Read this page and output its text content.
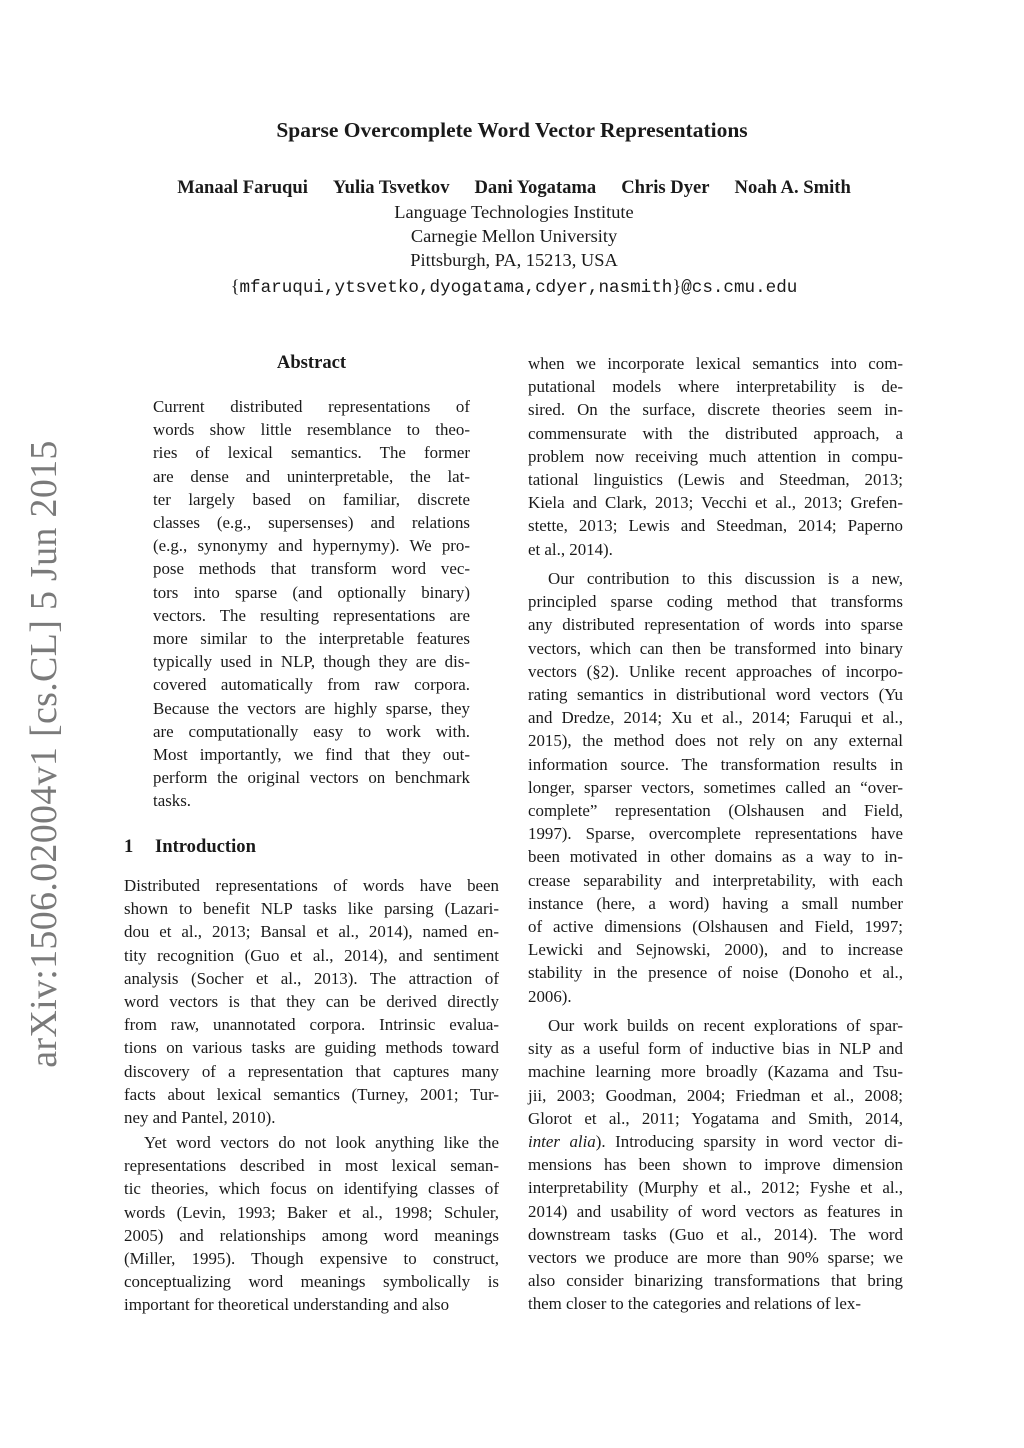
arXiv:1506.02004v1 [cs.CL] 5 Jun 2015
Sparse Overcomplete Word Vector Representations
Manaal Faruqui Yulia Tsvetkov Dani Yogatama Chris Dyer Noah A. Smith
Language Technologies Institute
Carnegie Mellon University
Pittsburgh, PA, 15213, USA
{mfaruqui,ytsvetko,dyogatama,cdyer,nasmith}@cs.cmu.edu
Abstract
Current distributed representations of
words show little resemblance to theo-
ries of lexical semantics. The former
are dense and uninterpretable, the lat-
ter largely based on familiar, discrete
classes (e.g., supersenses) and relations
(e.g., synonymy and hypernymy). We pro-
pose methods that transform word vec-
tors into sparse (and optionally binary)
vectors. The resulting representations are
more similar to the interpretable features
typically used in NLP, though they are dis-
covered automatically from raw corpora.
Because the vectors are highly sparse, they
are computationally easy to work with.
Most importantly, we find that they out-
perform the original vectors on benchmark
tasks.
1 Introduction
Distributed representations of words have been
shown to benefit NLP tasks like parsing (Lazari-
dou et al., 2013; Bansal et al., 2014), named en-
tity recognition (Guo et al., 2014), and sentiment
analysis (Socher et al., 2013). The attraction of
word vectors is that they can be derived directly
from raw, unannotated corpora. Intrinsic evalua-
tions on various tasks are guiding methods toward
discovery of a representation that captures many
facts about lexical semantics (Turney, 2001; Tur-
ney and Pantel, 2010).
Yet word vectors do not look anything like the
representations described in most lexical seman-
tic theories, which focus on identifying classes of
words (Levin, 1993; Baker et al., 1998; Schuler,
2005) and relationships among word meanings
(Miller, 1995). Though expensive to construct,
conceptualizing word meanings symbolically is
important for theoretical understanding and also
when we incorporate lexical semantics into com-
putational models where interpretability is de-
sired. On the surface, discrete theories seem in-
commensurate with the distributed approach, a
problem now receiving much attention in compu-
tational linguistics (Lewis and Steedman, 2013;
Kiela and Clark, 2013; Vecchi et al., 2013; Grefen-
stette, 2013; Lewis and Steedman, 2014; Paperno
et al., 2014).
Our contribution to this discussion is a new,
principled sparse coding method that transforms
any distributed representation of words into sparse
vectors, which can then be transformed into binary
vectors (§2). Unlike recent approaches of incorpo-
rating semantics in distributional word vectors (Yu
and Dredze, 2014; Xu et al., 2014; Faruqui et al.,
2015), the method does not rely on any external
information source. The transformation results in
longer, sparser vectors, sometimes called an “over-
complete” representation (Olshausen and Field,
1997). Sparse, overcomplete representations have
been motivated in other domains as a way to in-
crease separability and interpretability, with each
instance (here, a word) having a small number
of active dimensions (Olshausen and Field, 1997;
Lewicki and Sejnowski, 2000), and to increase
stability in the presence of noise (Donoho et al.,
2006).
Our work builds on recent explorations of spar-
sity as a useful form of inductive bias in NLP and
machine learning more broadly (Kazama and Tsu-
jii, 2003; Goodman, 2004; Friedman et al., 2008;
Glorot et al., 2011; Yogatama and Smith, 2014,
inter alia). Introducing sparsity in word vector di-
mensions has been shown to improve dimension
interpretability (Murphy et al., 2012; Fyshe et al.,
2014) and usability of word vectors as features in
downstream tasks (Guo et al., 2014). The word
vectors we produce are more than 90% sparse; we
also consider binarizing transformations that bring
them closer to the categories and relations of lex-
